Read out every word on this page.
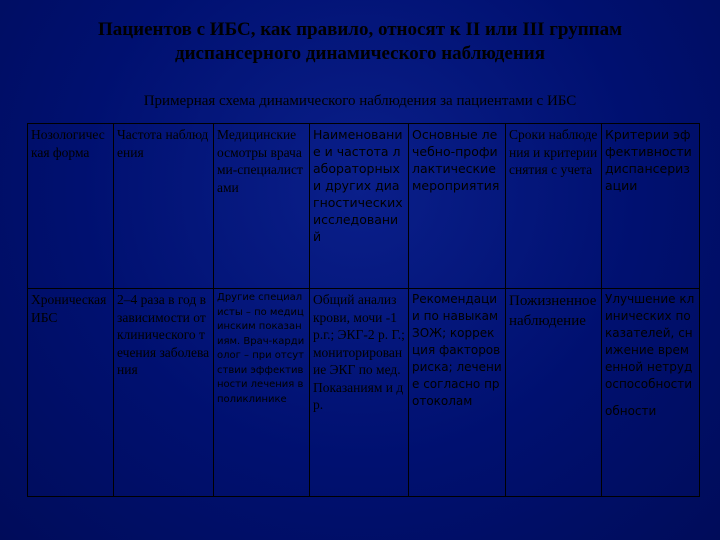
Пациентов с ИБС, как правило, относят к II или III группам диспансерного динамического наблюдения
Примерная схема динамического наблюдения за пациентами с ИБС
Нозологическая форма	Частота наблюдения	Медицинские осмотры врачами-специалистами	Наименование и частота лабораторных и других диагностических исследований	Основные лечебно-профилактические мероприятия	Сроки наблюдения и критерии снятия с учета	Критерии эффективности диспансеризации
Хроническая ИБС	2–4 раза в год в зависимости от клинического течения заболевания	Другие специалисты – по медицинским показаниям. Врач-кардиолог – при отсутствии эффективности лечения в поликлинике	Общий анализ крови, мочи -1 р.г.; ЭКГ-2 р. Г.; мониторирование ЭКГ по мед. Показаниям и др.	Рекомендации по навыкам ЗОЖ; коррекция факторов риска; лечение согласно протоколам	Пожизненное наблюдение	Улучшение клинических показателей, снижение временной нетрудоспособности
обности
